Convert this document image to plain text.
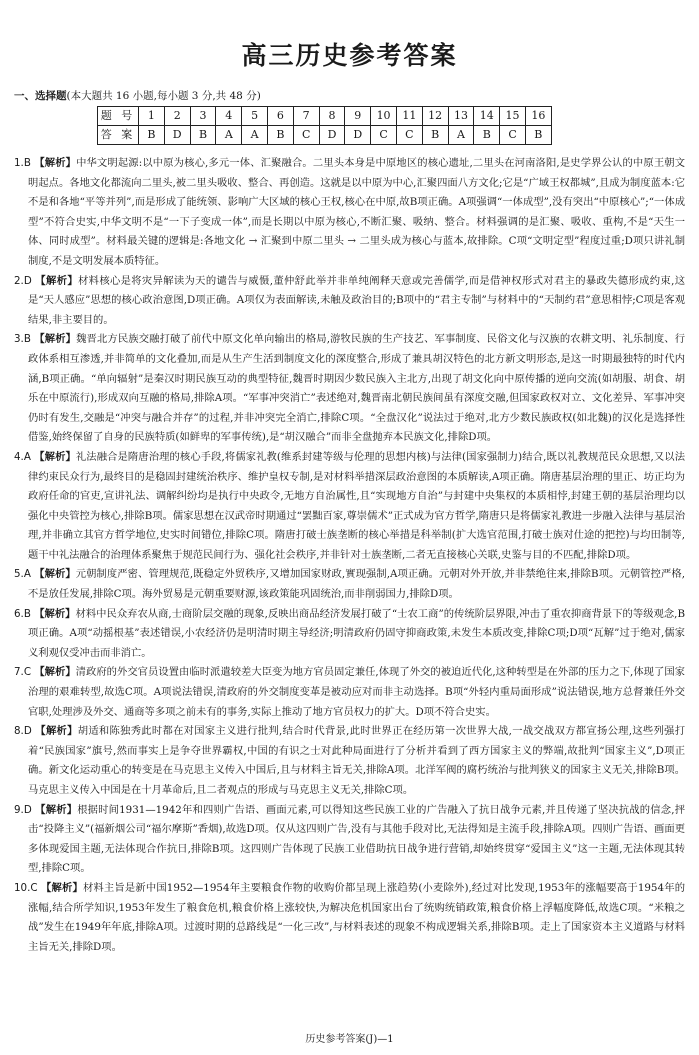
高三历史参考答案
一、选择题(本大题共 16 小题,每小题 3 分,共 48 分)
题 号	1	2	3	4	5	6	7	8	9	10	11	12	13	14	15	16
答 案	B	D	B	A	A	B	C	D	D	C	C	B	A	B	C	B

1.B 【解析】中华文明起源:以中原为核心,多元一体、汇聚融合。二里头本身是中原地区的核心遗址,二里头在河南洛阳,是史学界公认的中原王朝文明起点。各地文化都流向二里头,被二里头吸收、整合、再创造。这就是以中原为中心,汇聚四面八方文化;它是“广域王权都城”,且成为制度蓝本:它不是和各地“平等并列”,而是形成了能统领、影响广大区域的核心王权,核心在中原,故B项正确。A项强调“一体成型”,没有突出“中原核心”;“一体成型”不符合史实,中华文明不是“一下子变成一体”,而是长期以中原为核心,不断汇聚、吸纳、整合。材料强调的是汇聚、吸收、重构,不是“天生一体、同时成型”。材料最关键的逻辑是:各地文化 → 汇聚到中原二里头 → 二里头成为核心与蓝本,故排除。C项“文明定型”程度过重;D项只讲礼制制度,不是文明发展本质特征。

2.D 【解析】材料核心是将灾异解读为天的谴告与威慑,董仲舒此举并非单纯阐释天意或完善儒学,而是借神权形式对君主的暴政失德形成约束,这是“天人感应”思想的核心政治意图,D项正确。A项仅为表面解读,未触及政治目的;B项中的“君主专制”与材料中的“天制约君”意思相悖;C项是客观结果,非主要目的。

3.B 【解析】魏晋北方民族交融打破了前代中原文化单向输出的格局,游牧民族的生产技艺、军事制度、民俗文化与汉族的农耕文明、礼乐制度、行政体系相互渗透,并非简单的文化叠加,而是从生产生活到制度文化的深度整合,形成了兼具胡汉特色的北方新文明形态,是这一时期最独特的时代内涵,B项正确。“单向辐射”是秦汉时期民族互动的典型特征,魏晋时期因少数民族入主北方,出现了胡文化向中原传播的逆向交流(如胡服、胡食、胡乐在中原流行),形成双向互融的格局,排除A项。“军事冲突消亡”表述绝对,魏晋南北朝民族间虽有深度交融,但国家政权对立、文化差异、军事冲突仍时有发生,交融是“冲突与融合并存”的过程,并非冲突完全消亡,排除C项。“全盘汉化”说法过于绝对,北方少数民族政权(如北魏)的汉化是选择性借鉴,始终保留了自身的民族特质(如鲜卑的军事传统),是“胡汉融合”而非全盘抛弃本民族文化,排除D项。

4.A 【解析】礼法融合是隋唐治理的核心手段,将儒家礼教(维系封建等级与伦理的思想内核)与法律(国家强制力)结合,既以礼教规范民众思想,又以法律约束民众行为,最终目的是稳固封建统治秩序、维护皇权专制,是对材料举措深层政治意图的本质解读,A项正确。隋唐基层治理的里正、坊正均为政府任命的官吏,宣讲礼法、调解纠纷均是执行中央政令,无地方自治属性,且“实现地方自治”与封建中央集权的本质相悖,封建王朝的基层治理均以强化中央管控为核心,排除B项。儒家思想在汉武帝时期通过“罢黜百家,尊崇儒术”正式成为官方哲学,隋唐只是将儒家礼教进一步融入法律与基层治理,并非确立其官方哲学地位,史实时间错位,排除C项。隋唐打破士族垄断的核心举措是科举制(扩大选官范围,打破士族对仕途的把控)与均田制等,题干中礼法融合的治理体系聚焦于规范民间行为、强化社会秩序,并非针对士族垄断,二者无直接核心关联,史鉴与目的不匹配,排除D项。

5.A 【解析】元朝制度严密、管理规范,既稳定外贸秩序,又增加国家财政,實现强制,A项正确。元朝对外开放,并非禁绝往来,排除B项。元朝管控严格,不是放任发展,排除C项。海外贸易是元朝重要财源,该政策能巩固统治,而非削弱国力,排除D项。

6.B 【解析】材料中民众弃农从商,士商阶层交融的现象,反映出商品经济发展打破了“士农工商”的传统阶层界限,冲击了重农抑商背景下的等级观念,B项正确。A项“动摇根基”表述错误,小农经济仍是明清时期主导经济;明清政府仍固守抑商政策,未发生本质改变,排除C项;D项“瓦解”过于绝对,儒家义利观仅受冲击而非消亡。

7.C 【解析】清政府的外交官员设置由临时派遣较差大臣变为地方官员固定兼任,体现了外交的被迫近代化,这种转型是在外部的压力之下,体现了国家治理的艰难转型,故选C项。A项说法错误,清政府的外交制度变革是被动应对而非主动选择。B项“外轻内重局面形成”说法错误,地方总督兼任外交官职,处理涉及外交、通商等多项之前未有的事务,实际上推动了地方官员权力的扩大。D项不符合史实。

8.D 【解析】胡适和陈独秀此时都在对国家主义进行批判,结合时代背景,此时世界正在经历第一次世界大战,一战交战双方都宣扬公理,这些列强打着“民族国家”旗号,然而事实上是争夺世界霸权,中国的有识之士对此种局面进行了分析并看到了西方国家主义的弊端,故批判“国家主义”,D项正确。新文化运动重心的转变是在马克思主义传入中国后,且与材料主旨无关,排除A项。北洋军阀的腐朽统治与批判狭义的国家主义无关,排除B项。马克思主义传入中国是在十月革命后,且二者观点的形成与马克思主义无关,排除C项。

9.D 【解析】根据时间1931—1942年和四则广告语、画面元素,可以得知这些民族工业的广告融入了抗日战争元素,并且传递了坚决抗战的信念,抨击“投降主义”(福新烟公司“福尔摩斯”香烟),故选D项。仅从这四则广告,没有与其他手段对比,无法得知是主流手段,排除A项。四则广告语、画面更多体现爱国主题,无法体现合作抗日,排除B项。这四则广告体现了民族工业借助抗日战争进行营销,却始终贯穿“爱国主义”这一主题,无法体现其转型,排除C项。

10.C 【解析】材料主旨是新中国1952—1954年主要粮食作物的收购价都呈现上涨趋势(小麦除外),经过对比发现,1953年的涨幅要高于1954年的涨幅,结合所学知识,1953年发生了粮食危机,粮食价格上涨较快,为解决危机国家出台了统购统销政策,粮食价格上浮幅度降低,故选C项。“米粮之战”发生在1949年年底,排除A项。过渡时期的总路线是“一化三改”,与材料表述的现象不构成逻辑关系,排除B项。走上了国家资本主义道路与材料主旨无关,排除D项。

历史参考答案(J)—1
